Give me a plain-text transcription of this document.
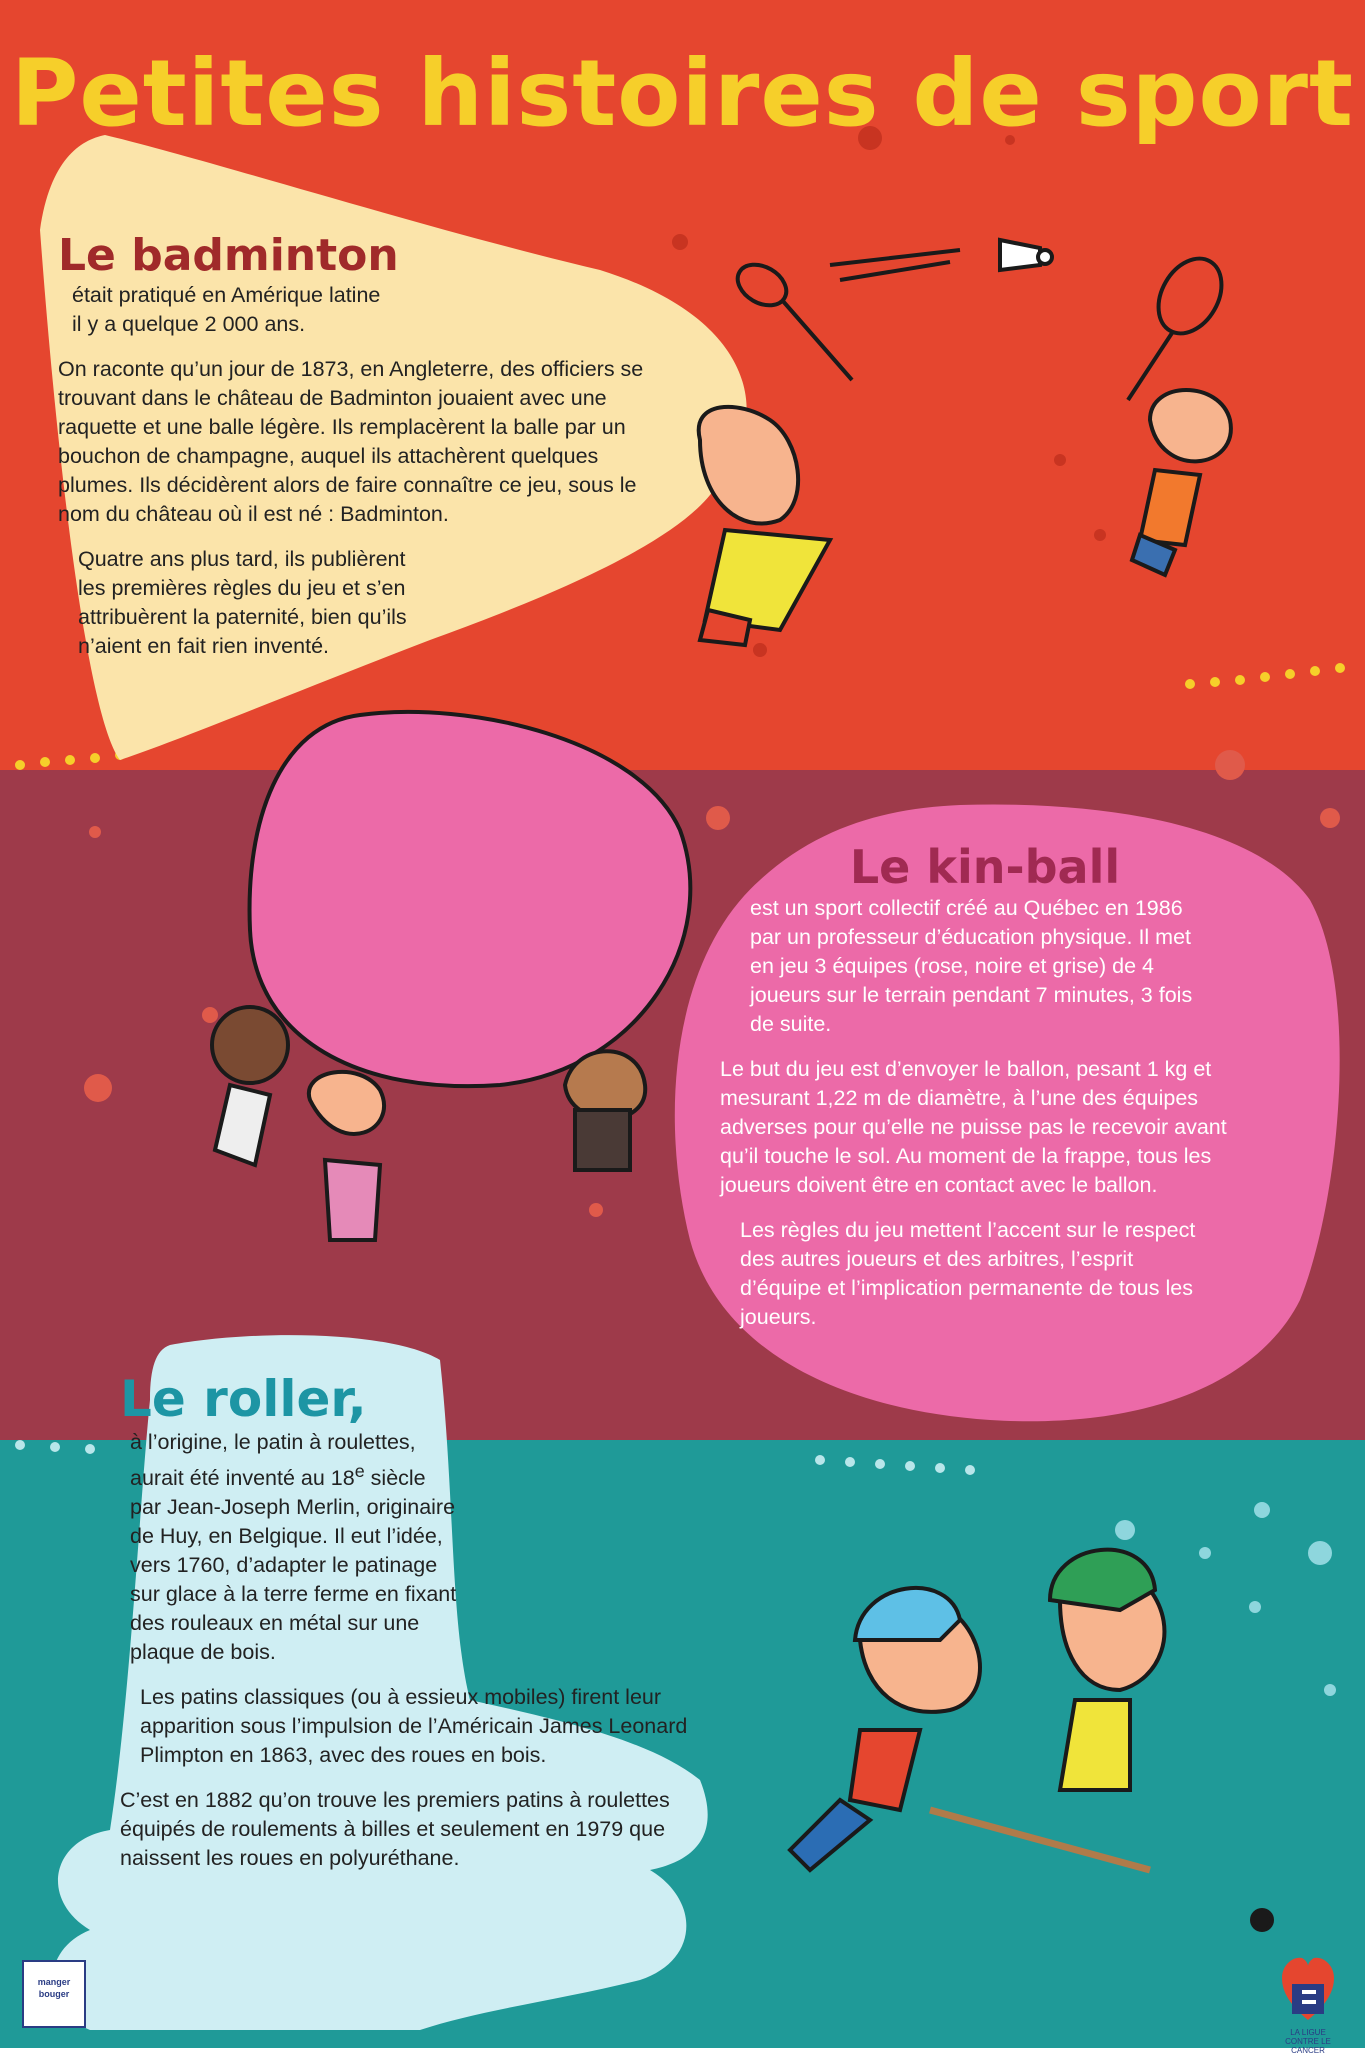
Petites histoires de sport
Le badminton

était pratiqué en Amérique latine il y a quelque 2 000 ans.

On raconte qu’un jour de 1873, en Angleterre, des officiers se trouvant dans le château de Badminton jouaient avec une raquette et une balle légère. Ils remplacèrent la balle par un bouchon de champagne, auquel ils attachèrent quelques plumes. Ils décidèrent alors de faire connaître ce jeu, sous le nom du château où il est né : Badminton.

Quatre ans plus tard, ils publièrent les premières règles du jeu et s’en attribuèrent la paternité, bien qu’ils n’aient en fait rien inventé.

Le kin-ball

est un sport collectif créé au Québec en 1986 par un professeur d’éducation physique. Il met en jeu 3 équipes (rose, noire et grise) de 4 joueurs sur le terrain pendant 7 minutes, 3 fois de suite.

Le but du jeu est d’envoyer le ballon, pesant 1 kg et mesurant 1,22 m de diamètre, à l’une des équipes adverses pour qu’elle ne puisse pas le recevoir avant qu’il touche le sol. Au moment de la frappe, tous les joueurs doivent être en contact avec le ballon.

Les règles du jeu mettent l’accent sur le respect des autres joueurs et des arbitres, l’esprit d’équipe et l’implication permanente de tous les joueurs.

Le roller,

à l’origine, le patin à roulettes, aurait été inventé au 18e siècle par Jean-Joseph Merlin, originaire de Huy, en Belgique. Il eut l’idée, vers 1760, d’adapter le patinage sur glace à la terre ferme en fixant des rouleaux en métal sur une plaque de bois.

Les patins classiques (ou à essieux mobiles) firent leur apparition sous l’impulsion de l’Américain James Leonard Plimpton en 1863, avec des roues en bois.

C’est en 1882 qu’on trouve les premiers patins à roulettes équipés de roulements à billes et seulement en 1979 que naissent les roues en polyuréthane.

manger
bouger
LA LIGUE CONTRE LE CANCER
